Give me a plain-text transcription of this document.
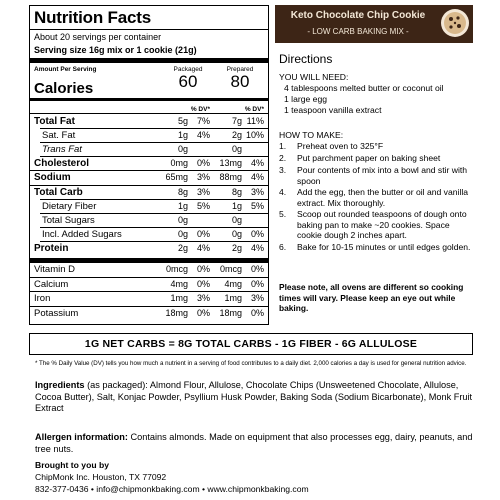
Nutrition Facts
About 20 servings per container
Serving size 16g mix or 1 cookie (21g)
Amount Per Serving	Packaged	Prepared
Calories	60	80
% DV*	% DV*
Total Fat	5g 7%	7g 11%
Sat. Fat	1g 4%	2g 10%
Trans Fat	0g	0g
Cholesterol	0mg 0%	13mg 4%
Sodium	65mg 3%	88mg 4%
Total Carb	8g 3%	8g 3%
Dietary Fiber	1g 5%	1g 5%
Total Sugars	0g	0g
Incl. Added Sugars	0g 0%	0g 0%
Protein	2g 4%	2g 4%
Vitamin D	0mcg 0%	0mcg 0%
Calcium	4mg 0%	4mg 0%
Iron	1mg 3%	1mg 3%
Potassium	18mg 0%	18mg 0%
Keto Chocolate Chip Cookie
- LOW CARB BAKING MIX -
Directions
YOU WILL NEED:
4 tablespoons melted butter or coconut oil
1 large egg
1 teaspoon vanilla extract
HOW TO MAKE:
1. Preheat oven to 325°F
2. Put parchment paper on baking sheet
3. Pour contents of mix into a bowl and stir with spoon
4. Add the egg, then the butter or oil and vanilla extract. Mix thoroughly.
5. Scoop out rounded teaspoons of dough onto baking pan to make ~20 cookies. Space cookie dough 2 inches apart.
6. Bake for 10-15 minutes or until edges golden.
Please note, all ovens are different so cooking times will vary. Please keep an eye out while baking.
1G NET CARBS = 8G TOTAL CARBS - 1G FIBER - 6G ALLULOSE
* The % Daily Value (DV) tells you how much a nutrient in a serving of food contributes to a daily diet. 2,000 calories a day is used for general nutrition advice.
Ingredients (as packaged): Almond Flour, Allulose, Chocolate Chips (Unsweetened Chocolate, Allulose, Cocoa Butter), Salt, Konjac Powder, Psyllium Husk Powder, Baking Soda (Sodium Bicarbonate), Monk Fruit Extract
Allergen information: Contains almonds. Made on equipment that also processes egg, dairy, peanuts, and tree nuts.
Brought to you by
ChipMonk Inc. Houston, TX 77092
832-377-0436 • info@chipmonkbaking.com • www.chipmonkbaking.com
